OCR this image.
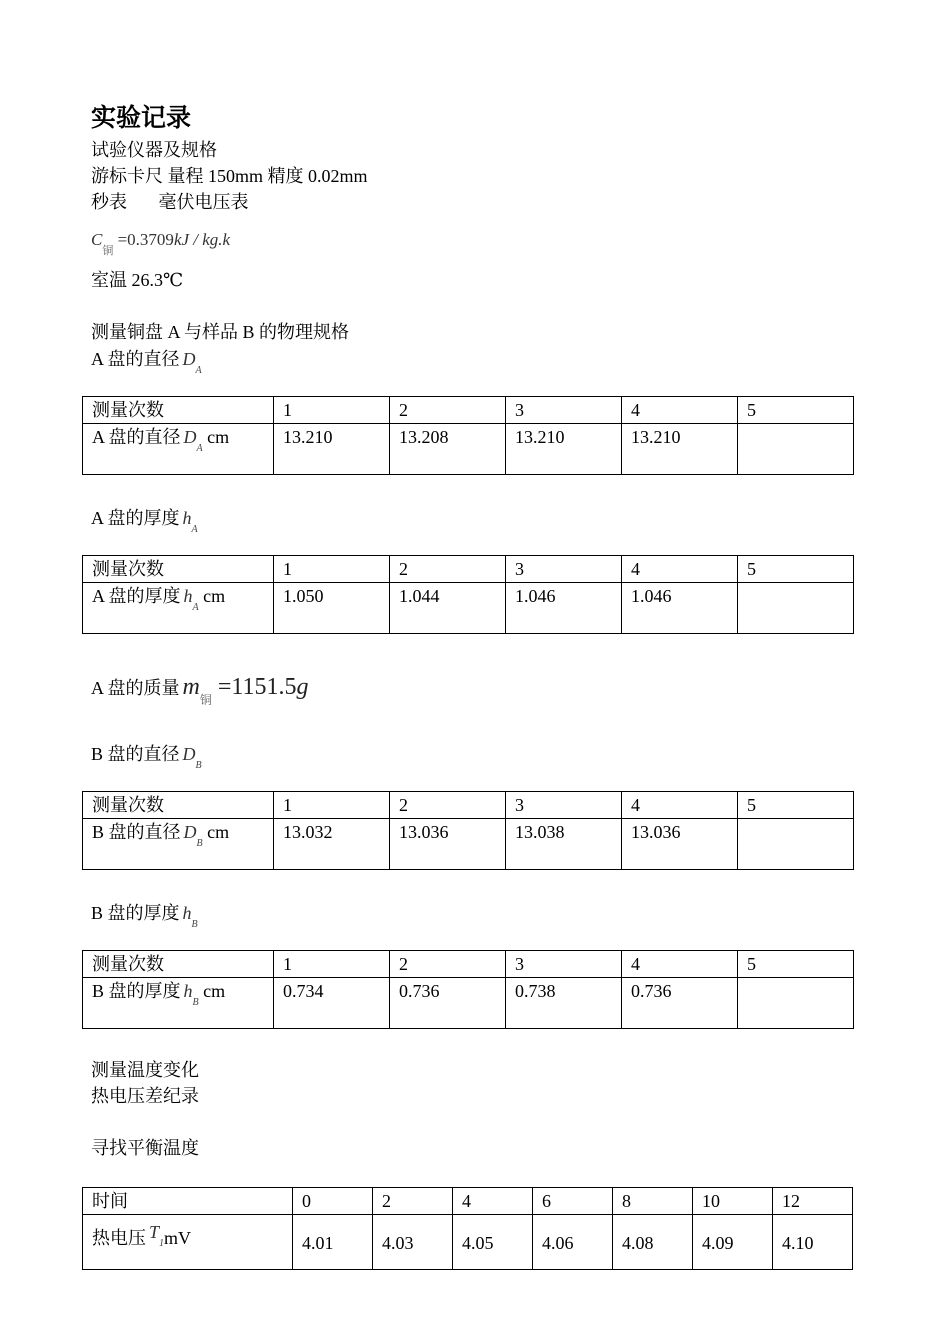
实验记录
试验仪器及规格
游标卡尺 量程 150mm 精度 0.02mm
秒表       毫伏电压表
$C_铜 =0.3709kJ / kg.k$
室温 26.3℃
测量铜盘 A 与样品 B 的物理规格
A 盘的直径 $D_A$
测量次数	1	2	3	4	5
A 盘的直径 $D_A$ cm	13.210	13.208	13.210	13.210	
A 盘的厚度 $h_A$
测量次数	1	2	3	4	5
A 盘的厚度 $h_A$ cm	1.050	1.044	1.046	1.046	
A 盘的质量 $m_铜 =1151.5g$
B 盘的直径 $D_B$
测量次数	1	2	3	4	5
B 盘的直径 $D_B$ cm	13.032	13.036	13.038	13.036	
B 盘的厚度 $h_B$
测量次数	1	2	3	4	5
B 盘的厚度 $h_B$ cm	0.734	0.736	0.738	0.736	
测量温度变化
热电压差纪录
寻找平衡温度
时间	0	2	4	6	8	10	12
热电压 T1mV	4.01	4.03	4.05	4.06	4.08	4.09	4.10
